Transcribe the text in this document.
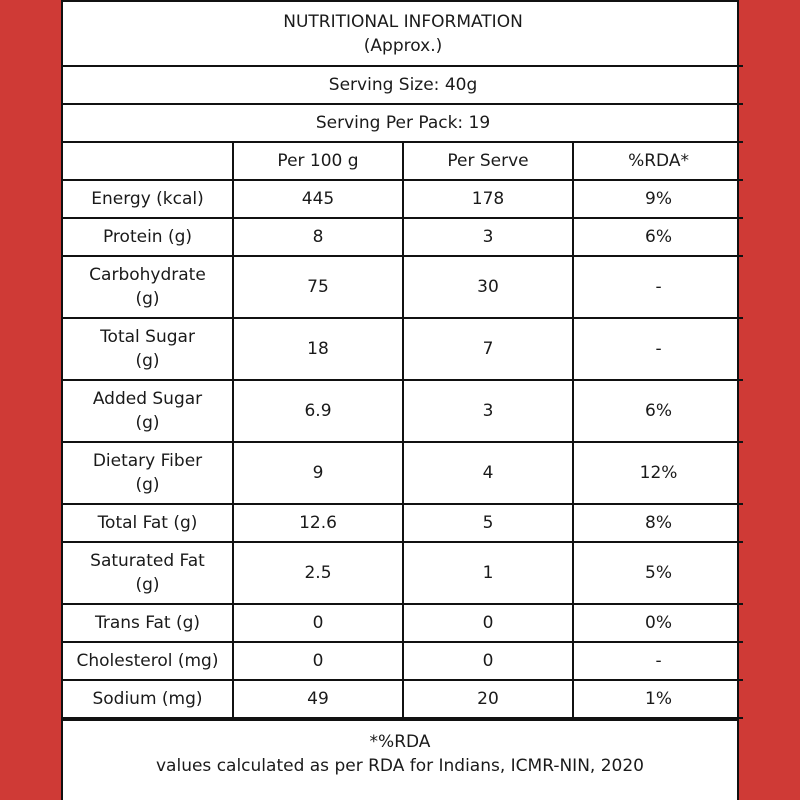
NUTRITIONAL INFORMATION
(Approx.)			

Serving Size: 40g			
Serving Per Pack: 19			
	Per 100 g	Per Serve	%RDA*

Energy (kcal)	445	178	9%

Protein (g)	8	3	6%

Carbohydrate
(g)	75	30	-

Total Sugar
(g)	18	7	-

Added Sugar
(g)	6.9	3	6%

Dietary Fiber
(g)	9	4	12%

Total Fat (g)	12.6	5	8%

Saturated Fat
(g)	2.5	1	5%

Trans Fat (g)	0	0	0%

Cholesterol (mg)	0	0	-

Sodium (mg)	49	20	1%
*%RDA
values calculated as per RDA for Indians, ICMR-NIN, 2020
